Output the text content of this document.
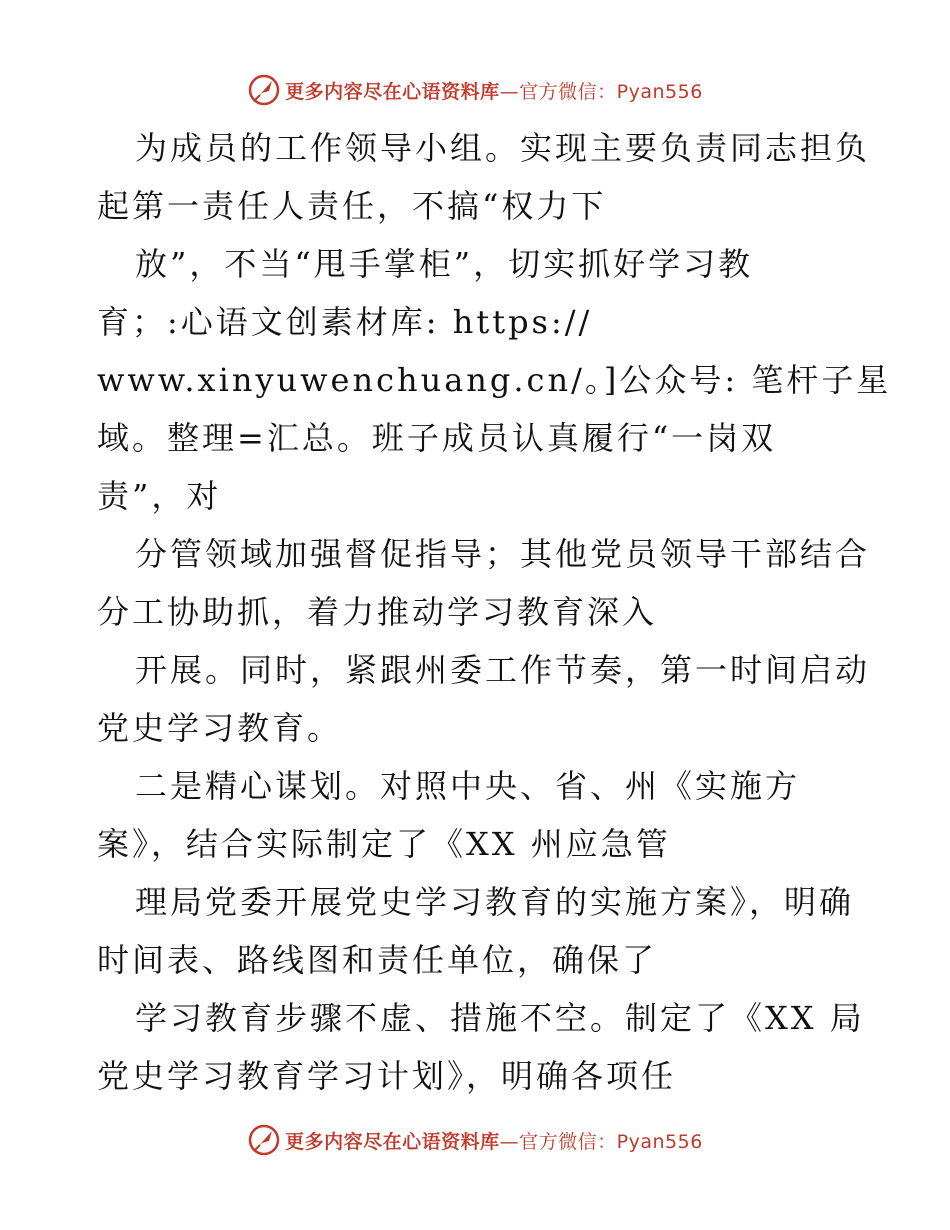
更多内容尽在心语资料库—官方微信：Pyan556
为成员的工作领导小组。实现主要负责同志担负
起第一责任人责任，不搞“权力下
放”，不当“甩手掌柜”，切实抓好学习教
育；:心语文创素材库: https://
www.xinyuwenchuang.cn/。]公众号: 笔杆子星
域。整理=汇总。班子成员认真履行“一岗双
责”，对
分管领域加强督促指导；其他党员领导干部结合
分工协助抓，着力推动学习教育深入
开展。同时，紧跟州委工作节奏，第一时间启动
党史学习教育。
二是精心谋划。对照中央、省、州《实施方
案》，结合实际制定了《XX 州应急管
理局党委开展党史学习教育的实施方案》，明确
时间表、路线图和责任单位，确保了
学习教育步骤不虚、措施不空。制定了《XX 局
党史学习教育学习计划》，明确各项任
更多内容尽在心语资料库—官方微信：Pyan556
